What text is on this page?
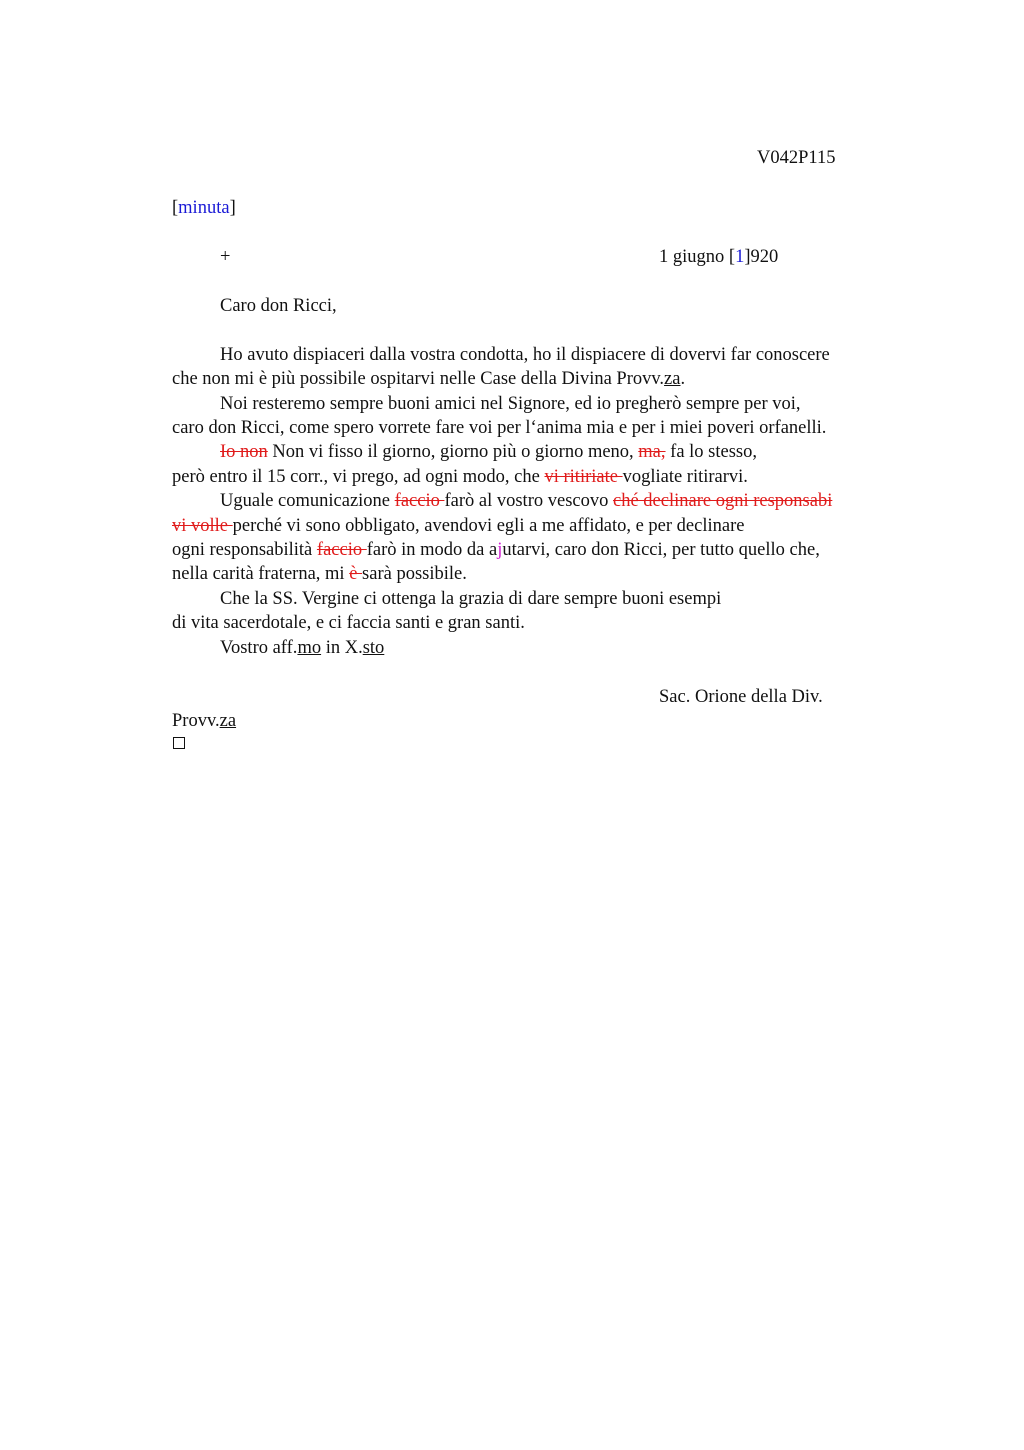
V042P115
[minuta]
+	1 giugno [1]920
Caro don Ricci,
Ho avuto dispiaceri dalla vostra condotta, ho il dispiacere di dovervi far conoscere
che non mi è più possibile ospitarvi nelle Case della Divina Provv.za.
Noi resteremo sempre buoni amici nel Signore, ed io pregherò sempre per voi,
caro don Ricci, come spero vorrete fare voi per l‘anima mia e per i miei poveri orfanelli.
Io non Non vi fisso il giorno, giorno più o giorno meno, ma, fa lo stesso,
però entro il 15 corr., vi prego, ad ogni modo, che vi ritiriate vogliate ritirarvi.
Uguale comunicazione faccio farò al vostro vescovo ché declinare ogni responsabi
vi volle perché vi sono obbligato, avendovi egli a me affidato, e per declinare
ogni responsabilità faccio farò in modo da ajutarvi, caro don Ricci, per tutto quello che,
nella carità fraterna, mi è sarà possibile.
Che la SS. Vergine ci ottenga la grazia di dare sempre buoni esempi
di vita sacerdotale, e ci faccia santi e gran santi.
Vostro aff.mo in X.sto
Sac. Orione della Div.
Provv.za
